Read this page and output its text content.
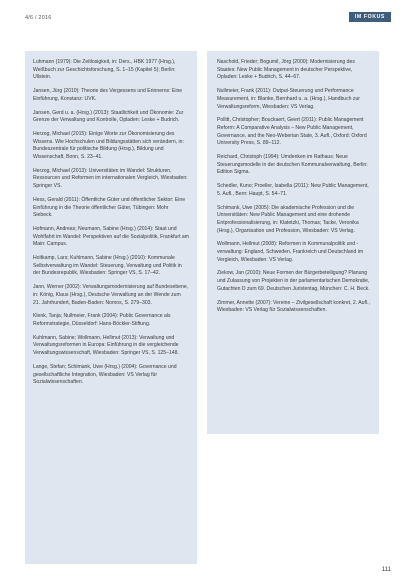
4/6 / 2016	IM FOKUS

Luhmann (1979): Die Zeitlosigkeit, in: Ders., HBK 1977 (Hrsg.), Weißbuch zur Geschichtsforschung, S. 1–15 (Kapitel 5); Berlin: Ullstein.

Jansen, Jürg (2010): Theorie des Vergessens und Erinnerns: Eine Einführung, Konstanz: UVK.

Jansen, Gerd u. a. (Hrsg.) (2013): Staatlichkeit und Ökonomie: Zur Grenze der Verwaltung und Kontrolle, Opladen: Leske + Budrich.

Herzog, Michael (2015): Einige Worte zur Ökonomisierung des Wissens. Wie Hochschulen und Bildungsstätten sich verändern, in: Bundeszentrale für politische Bildung (Hrsg.), Bildung und Wissenschaft, Bonn, S. 23–41.

Herzog, Michael (2013): Universitäten im Wandel: Strukturen, Ressourcen und Reformen im internationalen Vergleich, Wiesbaden: Springer VS.

Hess, Gerald (2011): Öffentliche Güter und öffentlicher Sektor: Eine Einführung in die Theorie öffentlicher Güter, Tübingen: Mohr Siebeck.

Hofmann, Andreas; Neumann, Sabine (Hrsg.) (2014): Staat und Wohlfahrt im Wandel: Perspektiven auf die Sozialpolitik, Frankfurt am Main: Campus.

Holtkamp, Lars; Kuhlmann, Sabine (Hrsg.) (2010): Kommunale Selbstverwaltung im Wandel: Steuerung, Verwaltung und Politik in der Bundesrepublik, Wiesbaden: Springer VS, S. 17–42.

Jann, Werner (2002): Verwaltungsmodernisierung auf Bundesebene, in: König, Klaus (Hrsg.), Deutsche Verwaltung an der Wende zum 21. Jahrhundert, Baden-Baden: Nomos, S. 279–303.

Klenk, Tanja; Nullmeier, Frank (2004): Public Governance als Reformstrategie, Düsseldorf: Hans-Böckler-Stiftung.

Kuhlmann, Sabine; Wollmann, Hellmut (2013): Verwaltung und Verwaltungsreformen in Europa: Einführung in die vergleichende Verwaltungswissenschaft, Wiesbaden: Springer VS, S. 125–148.

Lange, Stefan; Schimank, Uwe (Hrsg.) (2004): Governance und gesellschaftliche Integration, Wiesbaden: VS Verlag für Sozialwissenschaften.

Naschold, Frieder; Bogumil, Jörg (2000): Modernisierung des Staates: New Public Management in deutscher Perspektive, Opladen: Leske + Budrich, S. 44–67.

Nullmeier, Frank (2011): Output-Steuerung und Performance Measurement, in: Blanke, Bernhard u. a. (Hrsg.), Handbuch zur Verwaltungsreform, Wiesbaden: VS Verlag.

Pollitt, Christopher; Bouckaert, Geert (2011): Public Management Reform: A Comparative Analysis – New Public Management, Governance, and the Neo-Weberian State, 3. Aufl., Oxford: Oxford University Press, S. 89–112.

Reichard, Christoph (1994): Umdenken im Rathaus: Neue Steuerungsmodelle in der deutschen Kommunalverwaltung, Berlin: Edition Sigma.

Schedler, Kuno; Proeller, Isabella (2011): New Public Management, 5. Aufl., Bern: Haupt, S. 54–71.

Schimank, Uwe (2005): Die akademische Profession und die Universitäten: New Public Management und eine drohende Entprofessionalisierung, in: Klatetzki, Thomas; Tacke, Veronika (Hrsg.), Organisation und Profession, Wiesbaden: VS Verlag.

Wollmann, Hellmut (2008): Reformen in Kommunalpolitik und -verwaltung: England, Schweden, Frankreich und Deutschland im Vergleich, Wiesbaden: VS Verlag.

Ziekow, Jan (2010): Neue Formen der Bürgerbeteiligung? Planung und Zulassung von Projekten in der parlamentarischen Demokratie, Gutachten D zum 69. Deutschen Juristentag, München: C. H. Beck.

Zimmer, Annette (2007): Vereine – Zivilgesellschaft konkret, 2. Aufl., Wiesbaden: VS Verlag für Sozialwissenschaften.

111
